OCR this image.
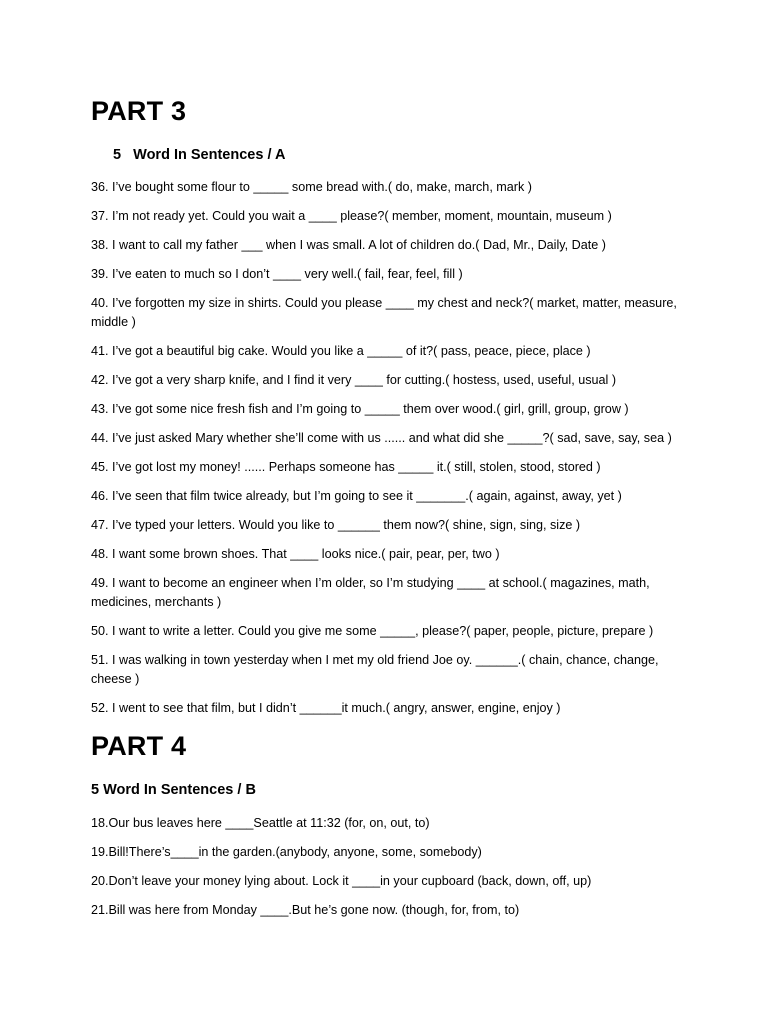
PART 3
5   Word In Sentences / A

36. I’ve bought some flour to _____ some bread with.( do, make, march, mark )

37. I’m not ready yet. Could you wait a ____ please?( member, moment, mountain, museum )

38. I want to call my father ___ when I was small. A lot of children do.( Dad, Mr., Daily, Date )

39. I’ve eaten to much so I don’t ____ very well.( fail, fear, feel, fill )

40. I’ve forgotten my size in shirts. Could you please ____ my chest and neck?( market, matter, measure, middle )

41. I’ve got a beautiful big cake. Would you like a _____ of it?( pass, peace, piece, place )

42. I’ve got a very sharp knife, and I find it very ____ for cutting.( hostess, used, useful, usual )

43. I’ve got some nice fresh fish and I’m going to _____ them over wood.( girl, grill, group, grow )

44. I’ve just asked Mary whether she’ll come with us ...... and what did she _____?( sad, save, say, sea )

45. I’ve got lost my money! ...... Perhaps someone has _____ it.( still, stolen, stood, stored )

46. I’ve seen that film twice already, but I’m going to see it _______.( again, against, away, yet )

47. I’ve typed your letters. Would you like to ______ them now?( shine, sign, sing, size )

48. I want some brown shoes. That ____ looks nice.( pair, pear, per, two )

49. I want to become an engineer when I’m older, so I’m studying ____ at school.( magazines, math, medicines, merchants )

50. I want to write a letter. Could you give me some _____, please?( paper, people, picture, prepare )

51. I was walking in town yesterday when I met my old friend Joe oy. ______.( chain, chance, change, cheese )

52. I went to see that film, but I didn’t ______it much.( angry, answer, engine, enjoy )

PART 4
5 Word In Sentences / B

18.Our bus leaves here ____Seattle at 11:32 (for, on, out, to)

19.Bill!There’s____in the garden.(anybody, anyone, some, somebody)

20.Don’t leave your money lying about. Lock it ____in your cupboard (back, down, off, up)

21.Bill was here from Monday ____.But he’s gone now. (though, for, from, to)
